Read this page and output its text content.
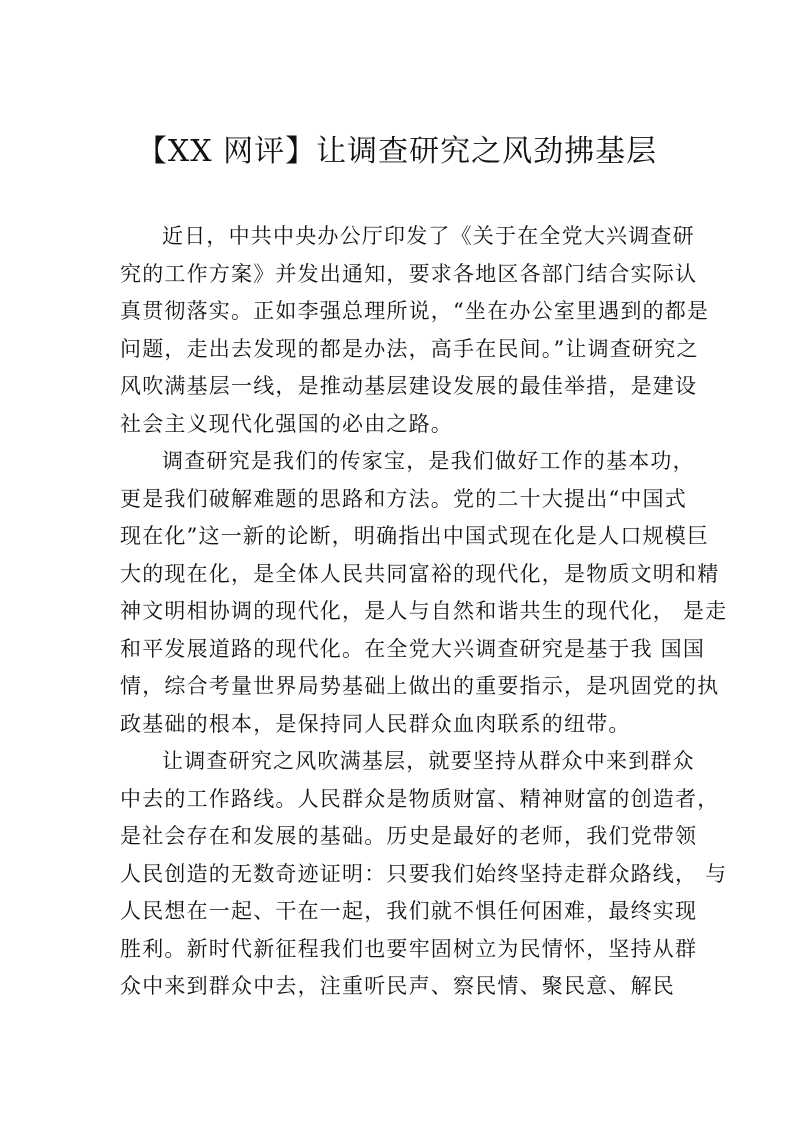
【XX 网评】让调查研究之风劲拂基层
近日，中共中央办公厅印发了《关于在全党大兴调查研
究的工作方案》并发出通知，要求各地区各部门结合实际认
真贯彻落实。正如李强总理所说，“坐在办公室里遇到的都是
问题，走出去发现的都是办法，高手在民间。”让调查研究之
风吹满基层一线，是推动基层建设发展的最佳举措，是建设
社会主义现代化强国的必由之路。
调查研究是我们的传家宝，是我们做好工作的基本功，
更是我们破解难题的思路和方法。党的二十大提出“中国式
现在化”这一新的论断，明确指出中国式现在化是人口规模巨
大的现在化，是全体人民共同富裕的现代化，是物质文明和精
神文明相协调的现代化，是人与自然和谐共生的现代化， 是走
和平发展道路的现代化。在全党大兴调查研究是基于我 国国
情，综合考量世界局势基础上做出的重要指示，是巩固党的执
政基础的根本，是保持同人民群众血肉联系的纽带。
让调查研究之风吹满基层，就要坚持从群众中来到群众
中去的工作路线。人民群众是物质财富、精神财富的创造者，
是社会存在和发展的基础。历史是最好的老师，我们党带领
人民创造的无数奇迹证明：只要我们始终坚持走群众路线， 与
人民想在一起、干在一起，我们就不惧任何困难，最终实现
胜利。新时代新征程我们也要牢固树立为民情怀，坚持从群
众中来到群众中去，注重听民声、察民情、聚民意、解民
